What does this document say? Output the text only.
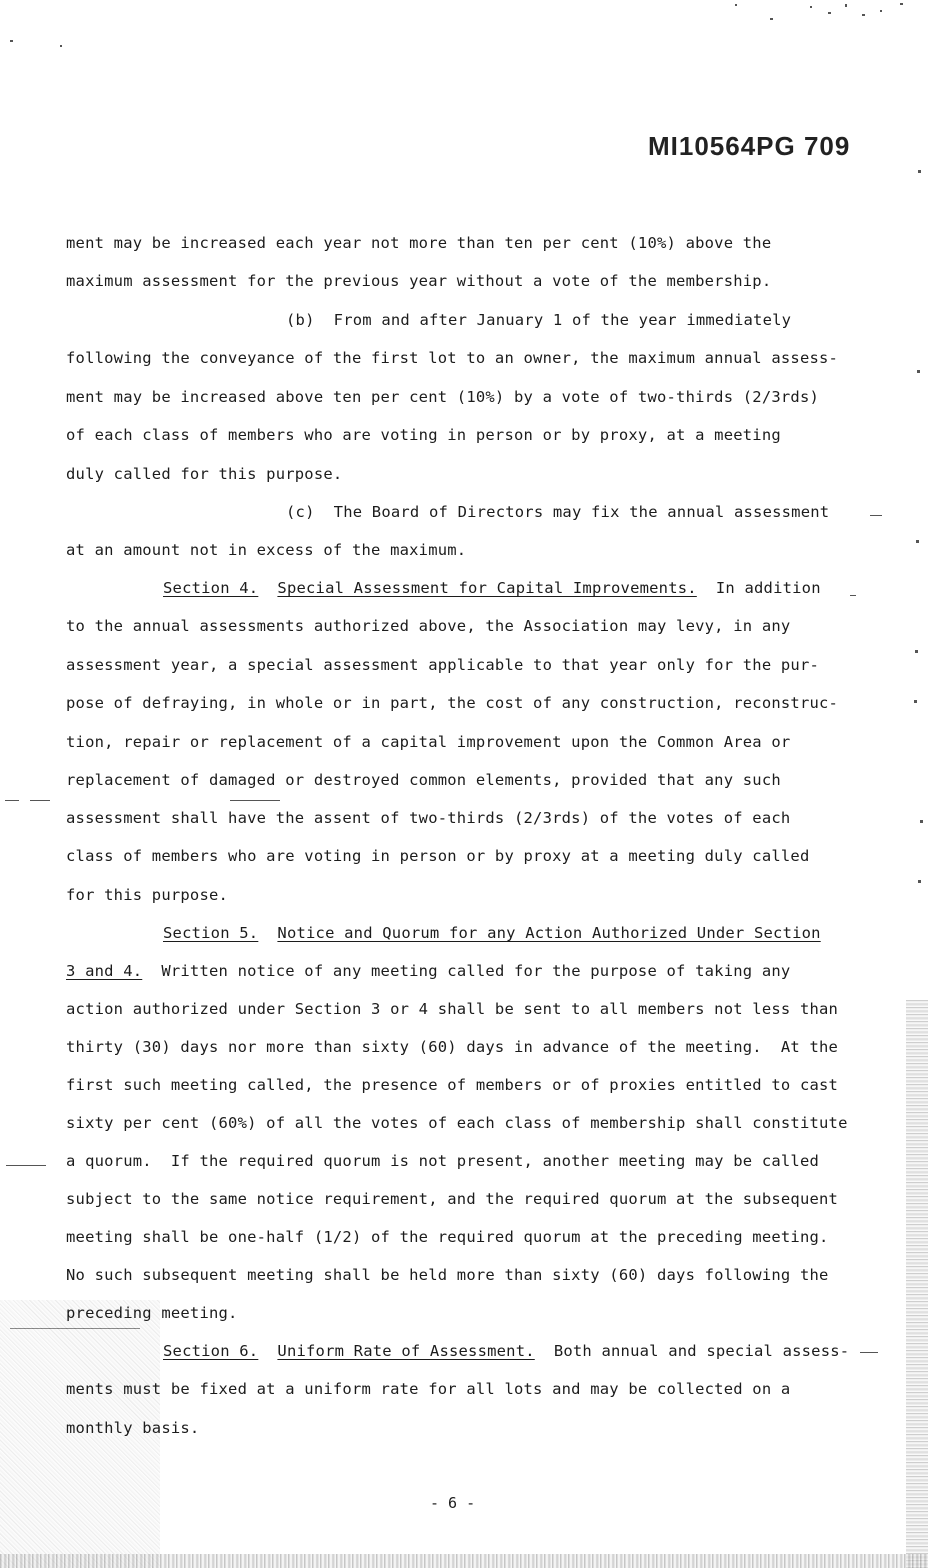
MI10564PG 709
ment may be increased each year not more than ten per cent (10%) above the
maximum assessment for the previous year without a vote of the membership.
(b)  From and after January 1 of the year immediately
following the conveyance of the first lot to an owner, the maximum annual assess-
ment may be increased above ten per cent (10%) by a vote of two-thirds (2/3rds)
of each class of members who are voting in person or by proxy, at a meeting
duly called for this purpose.
(c)  The Board of Directors may fix the annual assessment
at an amount not in excess of the maximum.
Section 4. Special Assessment for Capital Improvements.  In addition
to the annual assessments authorized above, the Association may levy, in any
assessment year, a special assessment applicable to that year only for the pur-
pose of defraying, in whole or in part, the cost of any construction, reconstruc-
tion, repair or replacement of a capital improvement upon the Common Area or
replacement of damaged or destroyed common elements, provided that any such
assessment shall have the assent of two-thirds (2/3rds) of the votes of each
class of members who are voting in person or by proxy at a meeting duly called
for this purpose.
Section 5. Notice and Quorum for any Action Authorized Under Section
3 and 4.  Written notice of any meeting called for the purpose of taking any
action authorized under Section 3 or 4 shall be sent to all members not less than
thirty (30) days nor more than sixty (60) days in advance of the meeting.  At the
first such meeting called, the presence of members or of proxies entitled to cast
sixty per cent (60%) of all the votes of each class of membership shall constitute
a quorum.  If the required quorum is not present, another meeting may be called
subject to the same notice requirement, and the required quorum at the subsequent
meeting shall be one-half (1/2) of the required quorum at the preceding meeting.
No such subsequent meeting shall be held more than sixty (60) days following the
preceding meeting.
Section 6. Uniform Rate of Assessment.  Both annual and special assess-
ments must be fixed at a uniform rate for all lots and may be collected on a
monthly basis.
- 6 -
